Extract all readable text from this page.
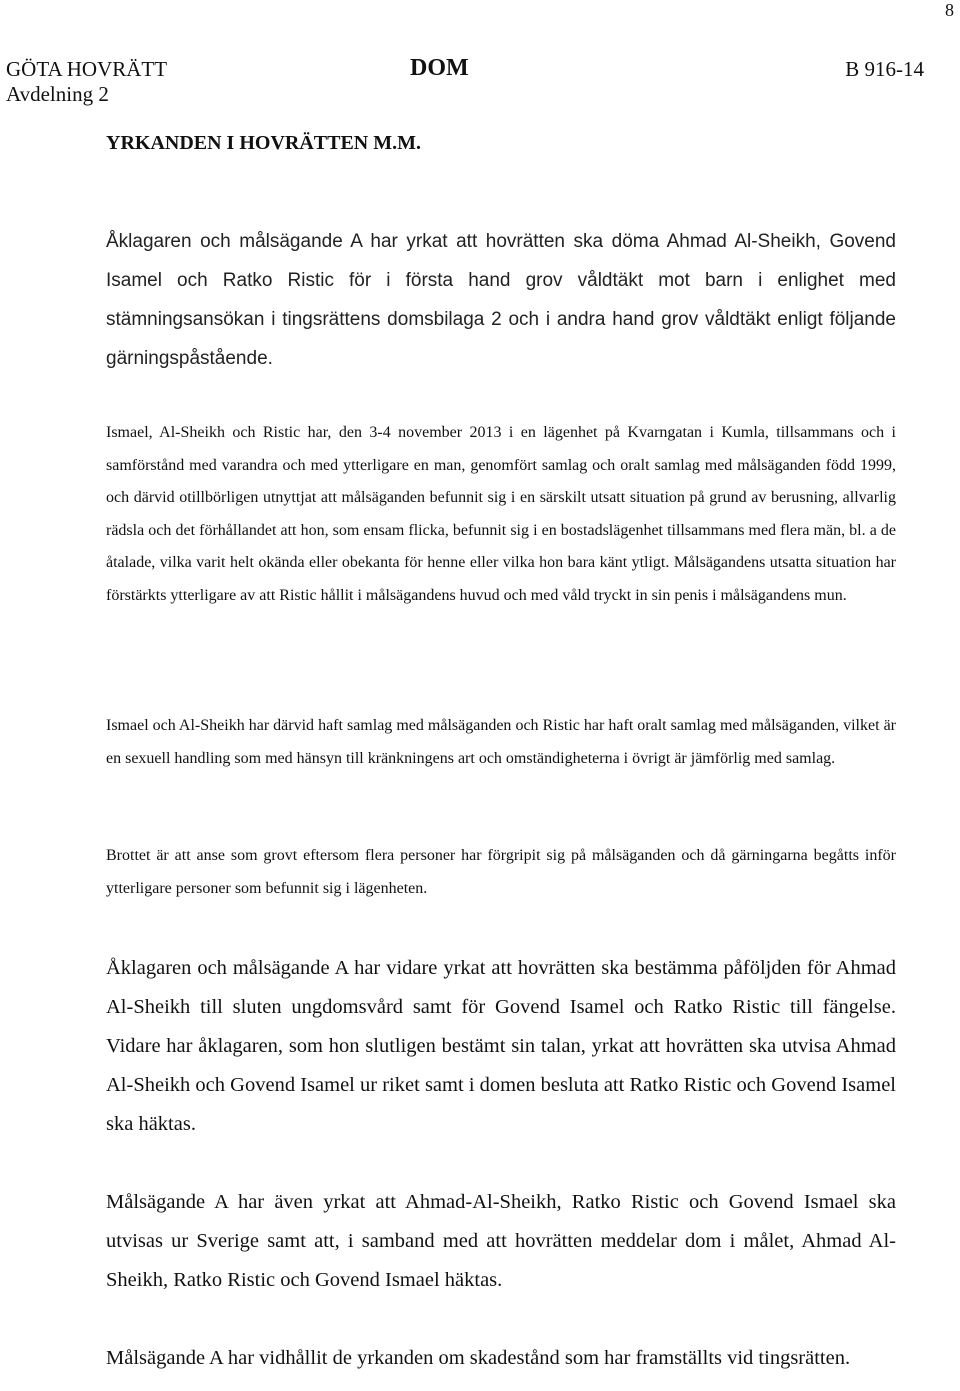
8
GÖTA HOVRÄTT
Avdelning 2
DOM	B 916-14
YRKANDEN I HOVRÄTTEN M.M.

Åklagaren och målsägande A har yrkat att hovrätten ska döma Ahmad Al-Sheikh, Govend Isamel och Ratko Ristic för i första hand grov våldtäkt mot barn i enlighet med stämningsansökan i tingsrättens domsbilaga 2 och i andra hand grov våldtäkt enligt följande gärningspåstående.

Ismael, Al-Sheikh och Ristic har, den 3-4 november 2013 i en lägenhet på Kvarngatan i Kumla, tillsammans och i samförstånd med varandra och med ytterligare en man, genomfört samlag och oralt samlag med målsäganden född 1999, och därvid otillbörligen utnyttjat att målsäganden befunnit sig i en särskilt utsatt situation på grund av berusning, allvarlig rädsla och det förhållandet att hon, som ensam flicka, befunnit sig i en bostadslägenhet tillsammans med flera män, bl. a de åtalade, vilka varit helt okända eller obekanta för henne eller vilka hon bara känt ytligt. Målsägandens utsatta situation har förstärkts ytterligare av att Ristic hållit i målsägandens huvud och med våld tryckt in sin penis i målsägandens mun.

Ismael och Al-Sheikh har därvid haft samlag med målsäganden och Ristic har haft oralt samlag med målsäganden, vilket är en sexuell handling som med hänsyn till kränkningens art och omständigheterna i övrigt är jämförlig med samlag.

Brottet är att anse som grovt eftersom flera personer har förgripit sig på målsäganden och då gärningarna begåtts inför ytterligare personer som befunnit sig i lägenheten.

Åklagaren och målsägande A har vidare yrkat att hovrätten ska bestämma påföljden för Ahmad Al-Sheikh till sluten ungdomsvård samt för Govend Isamel och Ratko Ristic till fängelse. Vidare har åklagaren, som hon slutligen bestämt sin talan, yrkat att hovrätten ska utvisa Ahmad Al-Sheikh och Govend Isamel ur riket samt i domen besluta att Ratko Ristic och Govend Isamel ska häktas.

Målsägande A har även yrkat att Ahmad-Al-Sheikh, Ratko Ristic och Govend Ismael ska utvisas ur Sverige samt att, i samband med att hovrätten meddelar dom i målet, Ahmad Al-Sheikh, Ratko Ristic och Govend Ismael häktas.

Målsägande A har vidhållit de yrkanden om skadestånd som har framställts vid tingsrätten.
